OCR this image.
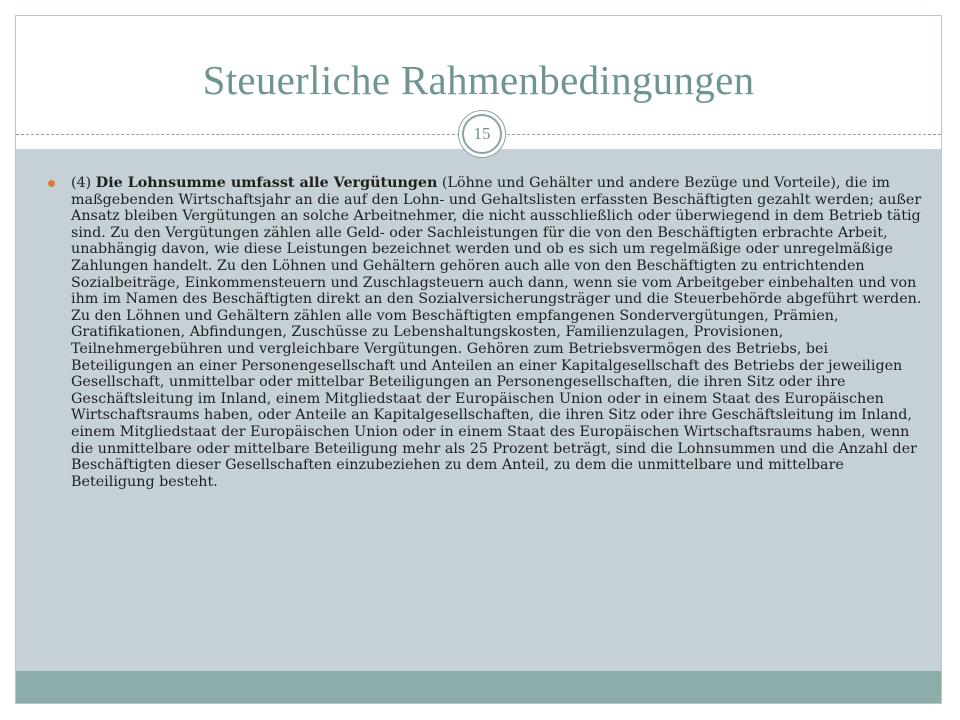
Steuerliche Rahmenbedingungen
15
(4) Die Lohnsumme umfasst alle Vergütungen (Löhne und Gehälter und andere Bezüge und Vorteile), die im maßgebenden Wirtschaftsjahr an die auf den Lohn- und Gehaltslisten erfassten Beschäftigten gezahlt werden; außer Ansatz bleiben Vergütungen an solche Arbeitnehmer, die nicht ausschließlich oder überwiegend in dem Betrieb tätig sind. Zu den Vergütungen zählen alle Geld- oder Sachleistungen für die von den Beschäftigten erbrachte Arbeit, unabhängig davon, wie diese Leistungen bezeichnet werden und ob es sich um regelmäßige oder unregelmäßige Zahlungen handelt. Zu den Löhnen und Gehältern gehören auch alle von den Beschäftigten zu entrichtenden Sozialbeiträge, Einkommensteuern und Zuschlagsteuern auch dann, wenn sie vom Arbeitgeber einbehalten und von ihm im Namen des Beschäftigten direkt an den Sozialversicherungsträger und die Steuerbehörde abgeführt werden. Zu den Löhnen und Gehältern zählen alle vom Beschäftigten empfangenen Sondervergütungen, Prämien, Gratifikationen, Abfindungen, Zuschüsse zu Lebenshaltungskosten, Familienzulagen, Provisionen, Teilnehmergebühren und vergleichbare Vergütungen. Gehören zum Betriebsvermögen des Betriebs, bei Beteiligungen an einer Personengesellschaft und Anteilen an einer Kapitalgesellschaft des Betriebs der jeweiligen Gesellschaft, unmittelbar oder mittelbar Beteiligungen an Personengesellschaften, die ihren Sitz oder ihre Geschäftsleitung im Inland, einem Mitgliedstaat der Europäischen Union oder in einem Staat des Europäischen Wirtschaftsraums haben, oder Anteile an Kapitalgesellschaften, die ihren Sitz oder ihre Geschäftsleitung im Inland, einem Mitgliedstaat der Europäischen Union oder in einem Staat des Europäischen Wirtschaftsraums haben, wenn die unmittelbare oder mittelbare Beteiligung mehr als 25 Prozent beträgt, sind die Lohnsummen und die Anzahl der Beschäftigten dieser Gesellschaften einzubeziehen zu dem Anteil, zu dem die unmittelbare und mittelbare Beteiligung besteht.
